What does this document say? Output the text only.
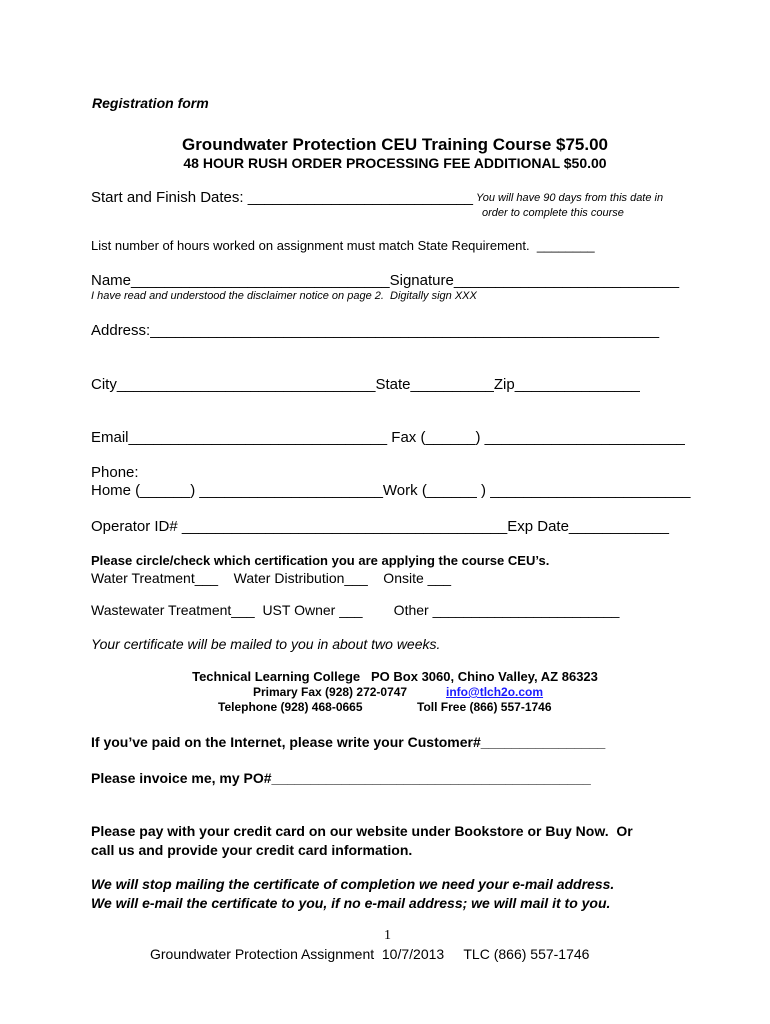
Registration form

Groundwater Protection CEU Training Course $75.00

48 HOUR RUSH ORDER PROCESSING FEE ADDITIONAL $50.00

Start and Finish Dates: ___________________________ You will have 90 days from this date in

order to complete this course

List number of hours worked on assignment must match State Requirement.  ________

Name_______________________________Signature___________________________

I have read and understood the disclaimer notice on page 2.  Digitally sign XXX

Address:_____________________________________________________________

City_______________________________State__________Zip_______________

Email_______________________________ Fax (______) ________________________

Phone:

Home (______) ______________________Work (______ ) ________________________

Operator ID# _______________________________________Exp Date____________

Please circle/check which certification you are applying the course CEU’s.

Water Treatment___    Water Distribution___    Onsite ___

Wastewater Treatment___  UST Owner ___        Other ________________________

Your certificate will be mailed to you in about two weeks.

Technical Learning College   PO Box 3060, Chino Valley, AZ 86323

Primary Fax (928) 272-0747	info@tlch2o.com

Telephone (928) 468-0665	Toll Free (866) 557-1746

If you’ve paid on the Internet, please write your Customer#________________

Please invoice me, my PO#_________________________________________

Please pay with your credit card on our website under Bookstore or Buy Now.  Or

call us and provide your credit card information.

We will stop mailing the certificate of completion we need your e-mail address.

We will e-mail the certificate to you, if no e-mail address; we will mail it to you.

1

Groundwater Protection Assignment  10/7/2013     TLC (866) 557-1746
